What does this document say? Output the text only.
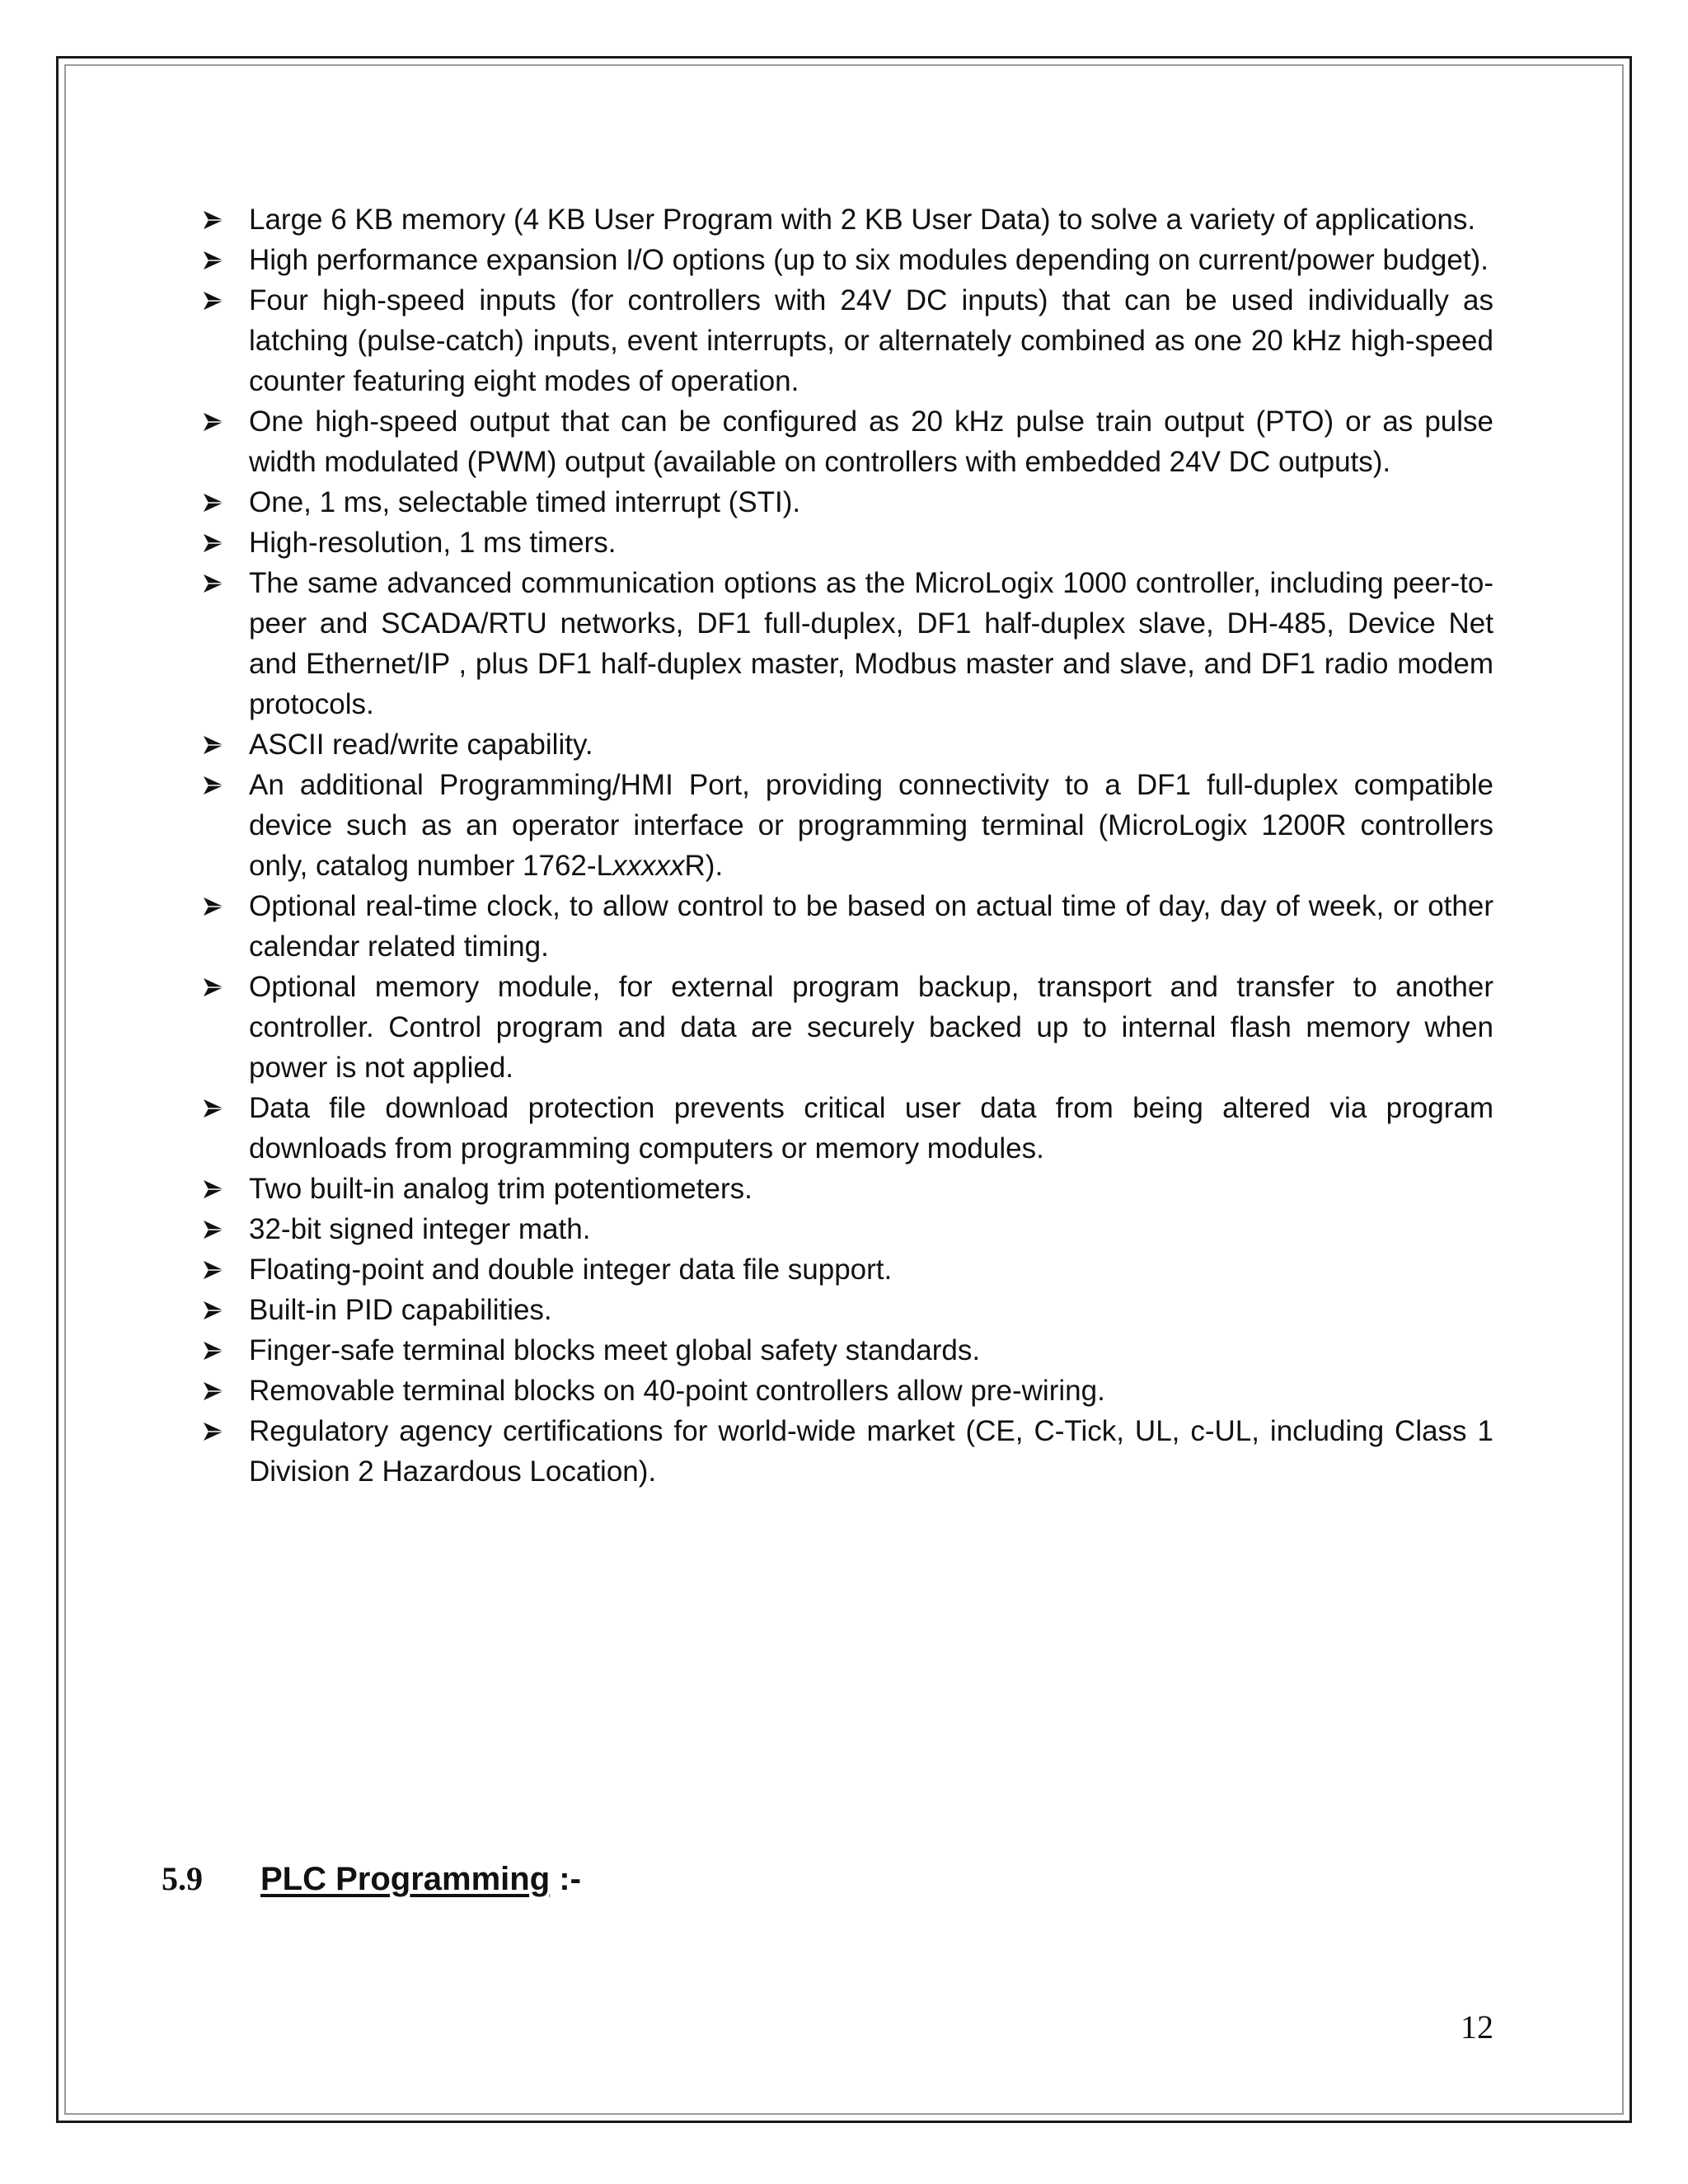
Large 6 KB memory (4 KB User Program with 2 KB User Data) to solve a variety of applications.
High performance expansion I/O options (up to six modules depending on current/power budget).
Four high-speed inputs (for controllers with 24V DC inputs) that can be used individually as latching (pulse-catch) inputs, event interrupts, or alternately combined as one 20 kHz high-speed counter featuring eight modes of operation.
One high-speed output that can be configured as 20 kHz pulse train output (PTO) or as pulse width modulated (PWM) output (available on controllers with embedded 24V DC outputs).
One, 1 ms, selectable timed interrupt (STI).
High-resolution, 1 ms timers.
The same advanced communication options as the MicroLogix 1000 controller, including peer-to-peer and SCADA/RTU networks, DF1 full-duplex, DF1 half-duplex slave, DH-485, Device Net and Ethernet/IP , plus DF1 half-duplex master, Modbus master and slave, and DF1 radio modem protocols.
ASCII read/write capability.
An additional Programming/HMI Port, providing connectivity to a DF1 full-duplex compatible device such as an operator interface or programming terminal (MicroLogix 1200R controllers only, catalog number 1762-LxxxxxR).
Optional real-time clock, to allow control to be based on actual time of day, day of week, or other calendar related timing.
Optional memory module, for external program backup, transport and transfer to another controller. Control program and data are securely backed up to internal flash memory when power is not applied.
Data file download protection prevents critical user data from being altered via program downloads from programming computers or memory modules.
Two built-in analog trim potentiometers.
32-bit signed integer math.
Floating-point and double integer data file support.
Built-in PID capabilities.
Finger-safe terminal blocks meet global safety standards.
Removable terminal blocks on 40-point controllers allow pre-wiring.
Regulatory agency certifications for world-wide market (CE, C-Tick, UL, c-UL, including Class 1 Division 2 Hazardous Location).
5.9 PLC Programming :-
12
